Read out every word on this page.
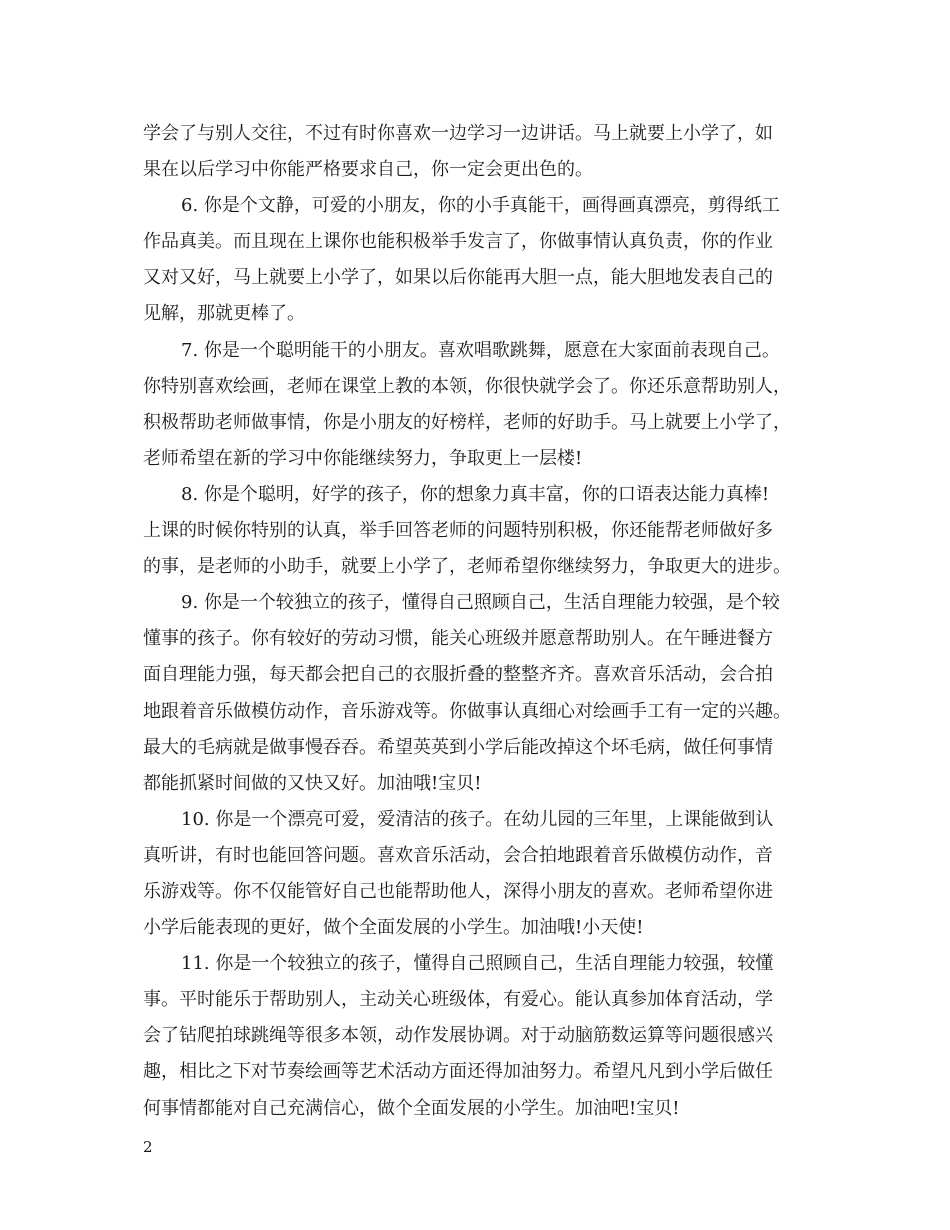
学会了与别人交往，不过有时你喜欢一边学习一边讲话。马上就要上小学了，如
果在以后学习中你能严格要求自己，你一定会更出色的。
6. 你是个文静，可爱的小朋友，你的小手真能干，画得画真漂亮，剪得纸工
作品真美。而且现在上课你也能积极举手发言了，你做事情认真负责，你的作业
又对又好，马上就要上小学了，如果以后你能再大胆一点，能大胆地发表自己的
见解，那就更棒了。
7. 你是一个聪明能干的小朋友。喜欢唱歌跳舞，愿意在大家面前表现自己。
你特别喜欢绘画，老师在课堂上教的本领，你很快就学会了。你还乐意帮助别人，
积极帮助老师做事情，你是小朋友的好榜样，老师的好助手。马上就要上小学了，
老师希望在新的学习中你能继续努力，争取更上一层楼!
8. 你是个聪明，好学的孩子，你的想象力真丰富，你的口语表达能力真棒!
上课的时候你特别的认真，举手回答老师的问题特别积极，你还能帮老师做好多
的事，是老师的小助手，就要上小学了，老师希望你继续努力，争取更大的进步。
9. 你是一个较独立的孩子，懂得自己照顾自己，生活自理能力较强，是个较
懂事的孩子。你有较好的劳动习惯，能关心班级并愿意帮助别人。在午睡进餐方
面自理能力强，每天都会把自己的衣服折叠的整整齐齐。喜欢音乐活动，会合拍
地跟着音乐做模仿动作，音乐游戏等。你做事认真细心对绘画手工有一定的兴趣。
最大的毛病就是做事慢吞吞。希望英英到小学后能改掉这个坏毛病，做任何事情
都能抓紧时间做的又快又好。加油哦!宝贝!
10. 你是一个漂亮可爱，爱清洁的孩子。在幼儿园的三年里，上课能做到认
真听讲，有时也能回答问题。喜欢音乐活动，会合拍地跟着音乐做模仿动作，音
乐游戏等。你不仅能管好自己也能帮助他人，深得小朋友的喜欢。老师希望你进
小学后能表现的更好，做个全面发展的小学生。加油哦!小天使!
11. 你是一个较独立的孩子，懂得自己照顾自己，生活自理能力较强，较懂
事。平时能乐于帮助别人，主动关心班级体，有爱心。能认真参加体育活动，学
会了钻爬拍球跳绳等很多本领，动作发展协调。对于动脑筋数运算等问题很感兴
趣，相比之下对节奏绘画等艺术活动方面还得加油努力。希望凡凡到小学后做任
何事情都能对自己充满信心，做个全面发展的小学生。加油吧!宝贝!
2
